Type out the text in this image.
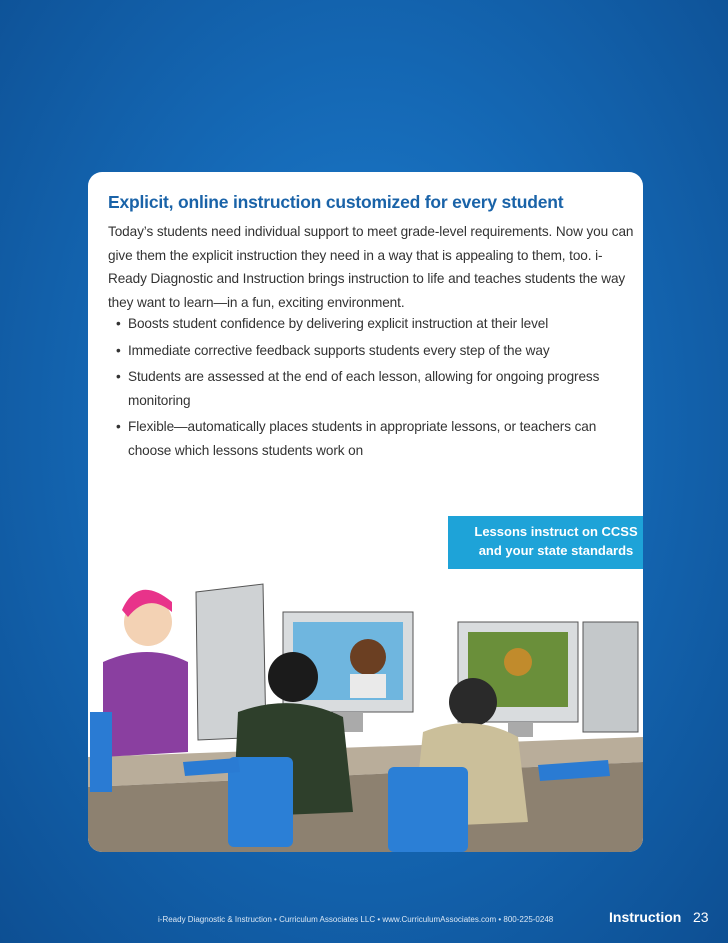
Explicit, online instruction customized for every student
Today’s students need individual support to meet grade-level requirements. Now you can give them the explicit instruction they need in a way that is appealing to them, too. i-Ready Diagnostic and Instruction brings instruction to life and teaches students the way they want to learn—in a fun, exciting environment.
• Boosts student confidence by delivering explicit instruction at their level
• Immediate corrective feedback supports students every step of the way
• Students are assessed at the end of each lesson, allowing for ongoing progress monitoring
• Flexible—automatically places students in appropriate lessons, or teachers can choose which lessons students work on
Lessons instruct on CCSS
and your state standards
i-Ready Diagnostic & Instruction • Curriculum Associates LLC • www.CurriculumAssociates.com • 800-225-0248	Instruction 23
